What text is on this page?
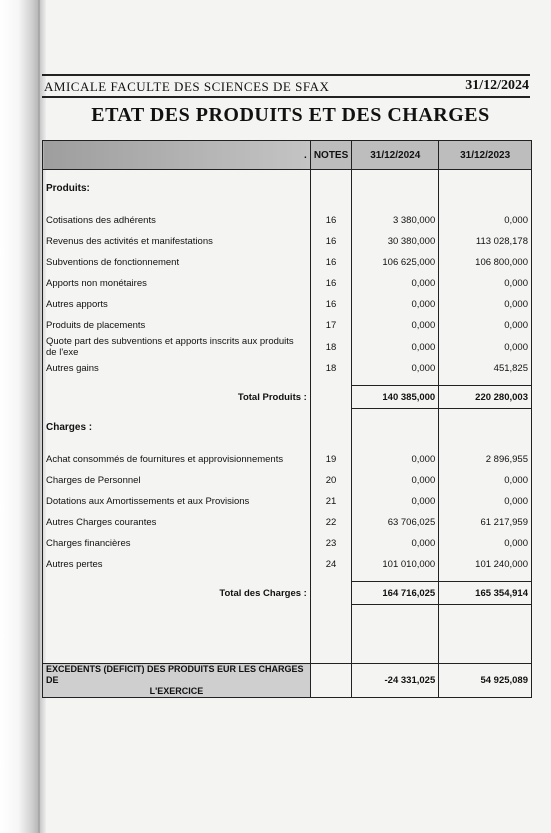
AMICALE FACULTE DES SCIENCES DE SFAX	31/12/2024
ETAT DES PRODUITS ET DES CHARGES
.	NOTES	31/12/2024	31/12/2023

Produits:			

Cotisations des adhérents	16	3 380,000	0,000
Revenus des activités et manifestations	16	30 380,000	113 028,178
Subventions de fonctionnement	16	106 625,000	106 800,000
Apports non monétaires	16	0,000	0,000
Autres apports	16	0,000	0,000
Produits de placements	17	0,000	0,000
Quote part des subventions et apports inscrits aux produits de l'exe	18	0,000	0,000
Autres gains	18	0,000	451,825

Total Produits :		140 385,000	220 280,003

Charges :			

Achat consommés de fournitures et approvisionnements	19	0,000	2 896,955
Charges de Personnel	20	0,000	0,000
Dotations aux Amortissements et aux Provisions	21	0,000	0,000
Autres Charges courantes	22	63 706,025	61 217,959
Charges financières	23	0,000	0,000
Autres pertes	24	101 010,000	101 240,000

Total des Charges :		164 716,025	165 354,914

EXCEDENTS (DEFICIT) DES PRODUITS EUR LES CHARGES DE
L'EXERCICE		-24 331,025	54 925,089
